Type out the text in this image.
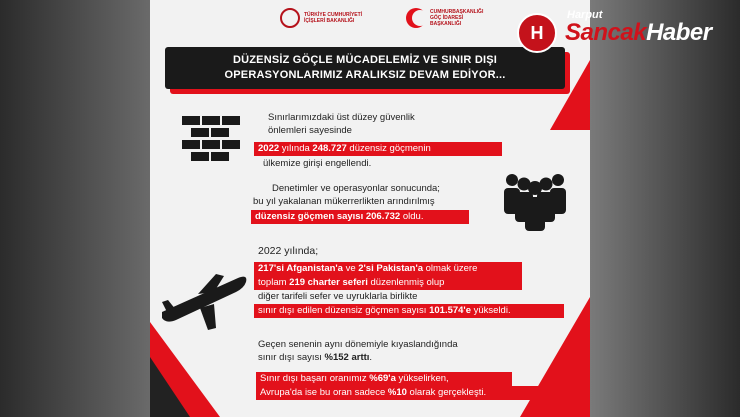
TÜRKİYE CUMHURİYETİ İÇİŞLERİ BAKANLIĞI
CUMHURBAŞKANLIĞI GÖÇ İDARESİ BAŞKANLIĞI
DÜZENSİZ GÖÇLE MÜCADELEMİZ VE SINIR DIŞI
OPERASYONLARIMIZ ARALIKSIZ DEVAM EDİYOR...
Sınırlarımızdaki üst düzey güvenlik
önlemleri sayesinde
2022 yılında 248.727 düzensiz göçmenin
ülkemize girişi engellendi.
Denetimler ve operasyonlar sonucunda;
bu yıl yakalanan mükerrerlikten arındırılmış
düzensiz göçmen sayısı 206.732 oldu.
2022 yılında;
217'si Afganistan'a ve 2'si Pakistan'a olmak üzere
toplam 219 charter seferi düzenlenmiş olup
diğer tarifeli sefer ve uyruklarla birlikte
sınır dışı edilen düzensiz göçmen sayısı 101.574'e yükseldi.
Geçen senenin aynı dönemiyle kıyaslandığında
sınır dışı sayısı %152 arttı.
Sınır dışı başarı oranımız %69'a yükselirken,
Avrupa'da ise bu oran sadece %10 olarak gerçekleşti.
H
Harput
SancakHaber
